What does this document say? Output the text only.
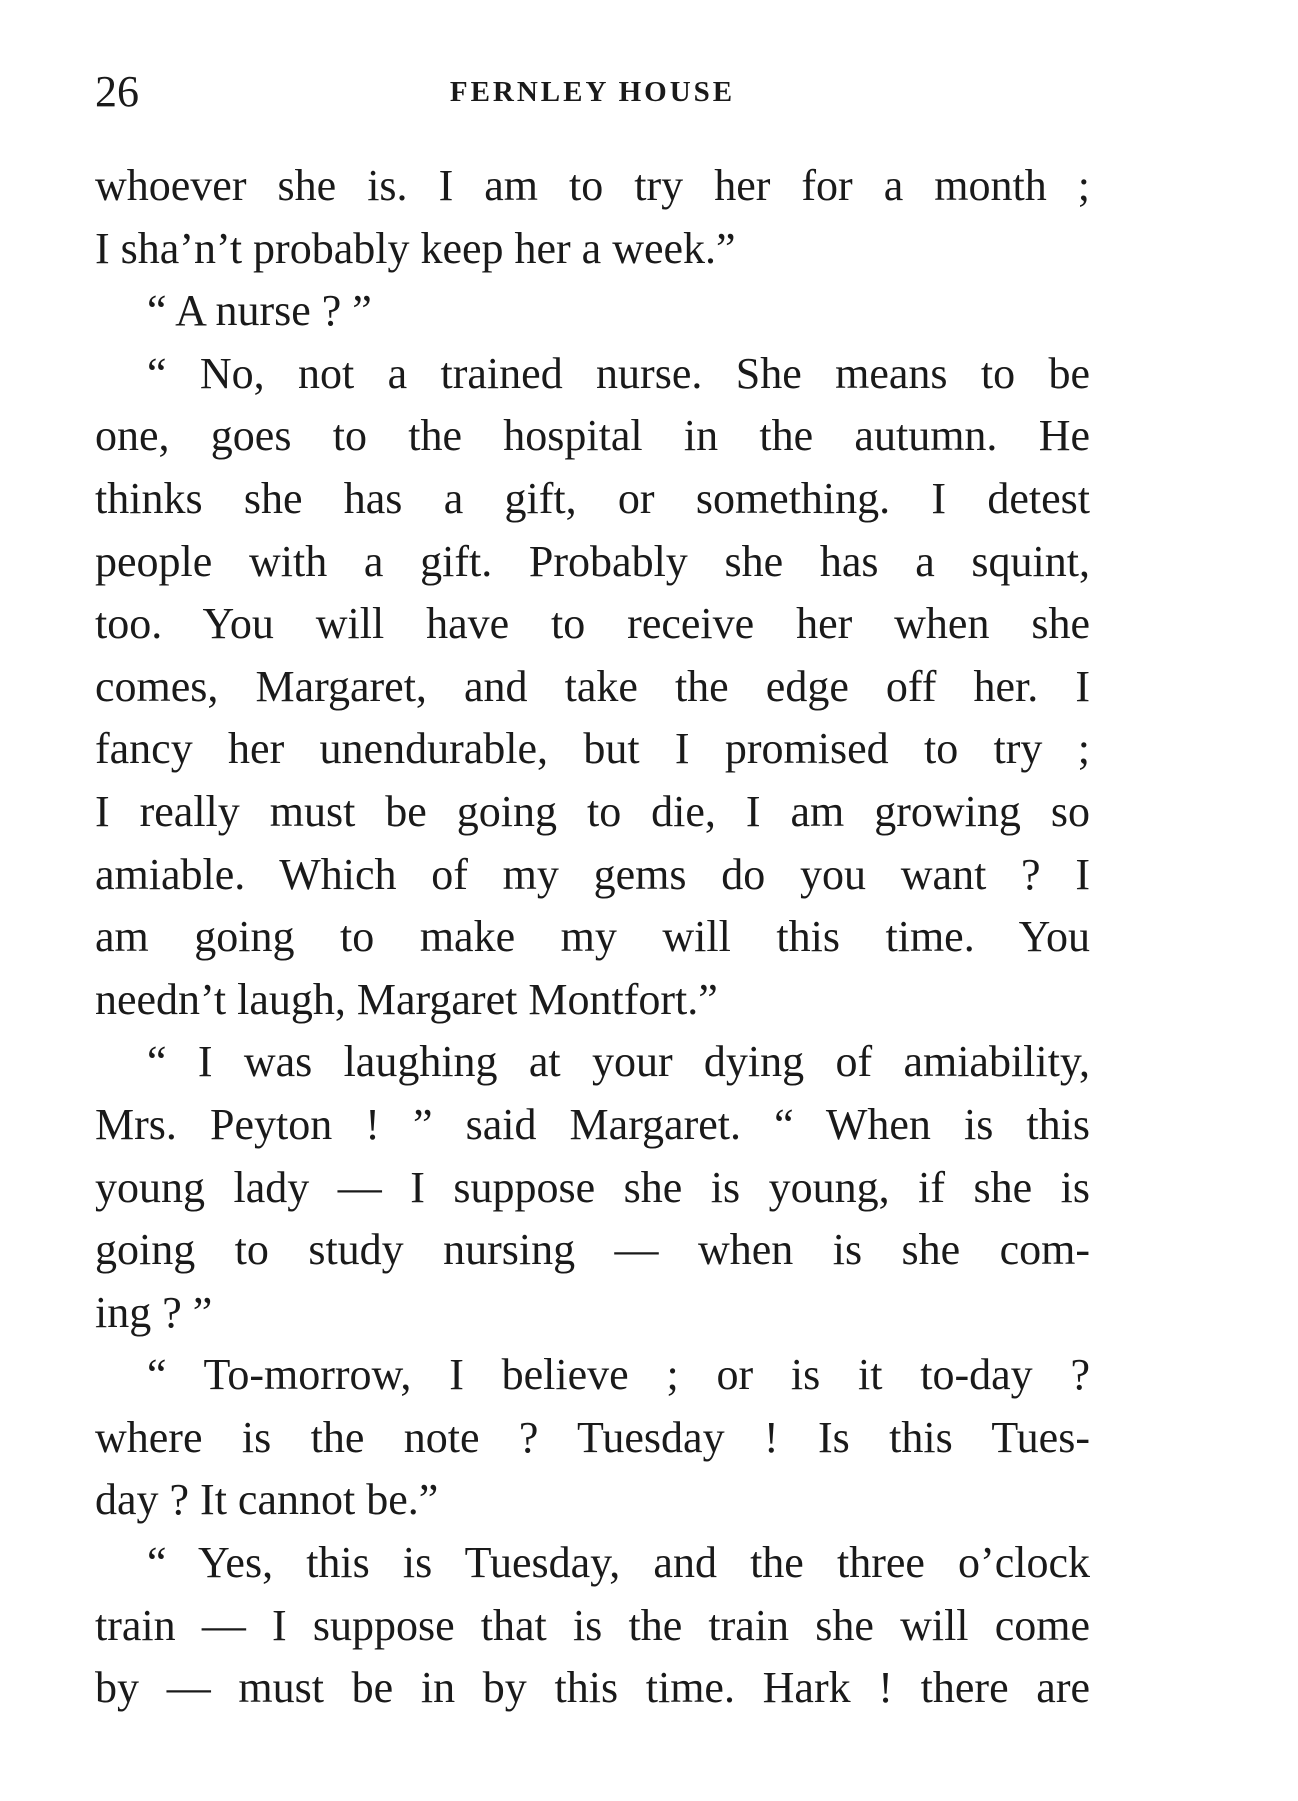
26	FERNLEY HOUSE
whoever she is. I am to try her for a month ;
I sha’n’t probably keep her a week.”
“ A nurse ? ”
“ No, not a trained nurse. She means to be
one, goes to the hospital in the autumn. He
thinks she has a gift, or something. I detest
people with a gift. Probably she has a squint,
too. You will have to receive her when she
comes, Margaret, and take the edge off her. I
fancy her unendurable, but I promised to try ;
I really must be going to die, I am growing so
amiable. Which of my gems do you want ? I
am going to make my will this time. You
needn’t laugh, Margaret Montfort.”
“ I was laughing at your dying of amiability,
Mrs. Peyton ! ” said Margaret. “ When is this
young lady — I suppose she is young, if she is
going to study nursing — when is she com-
ing ? ”
“ To-morrow, I believe ; or is it to-day ?
where is the note ? Tuesday ! Is this Tues-
day ? It cannot be.”
“ Yes, this is Tuesday, and the three o’clock
train — I suppose that is the train she will come
by — must be in by this time. Hark ! there are
